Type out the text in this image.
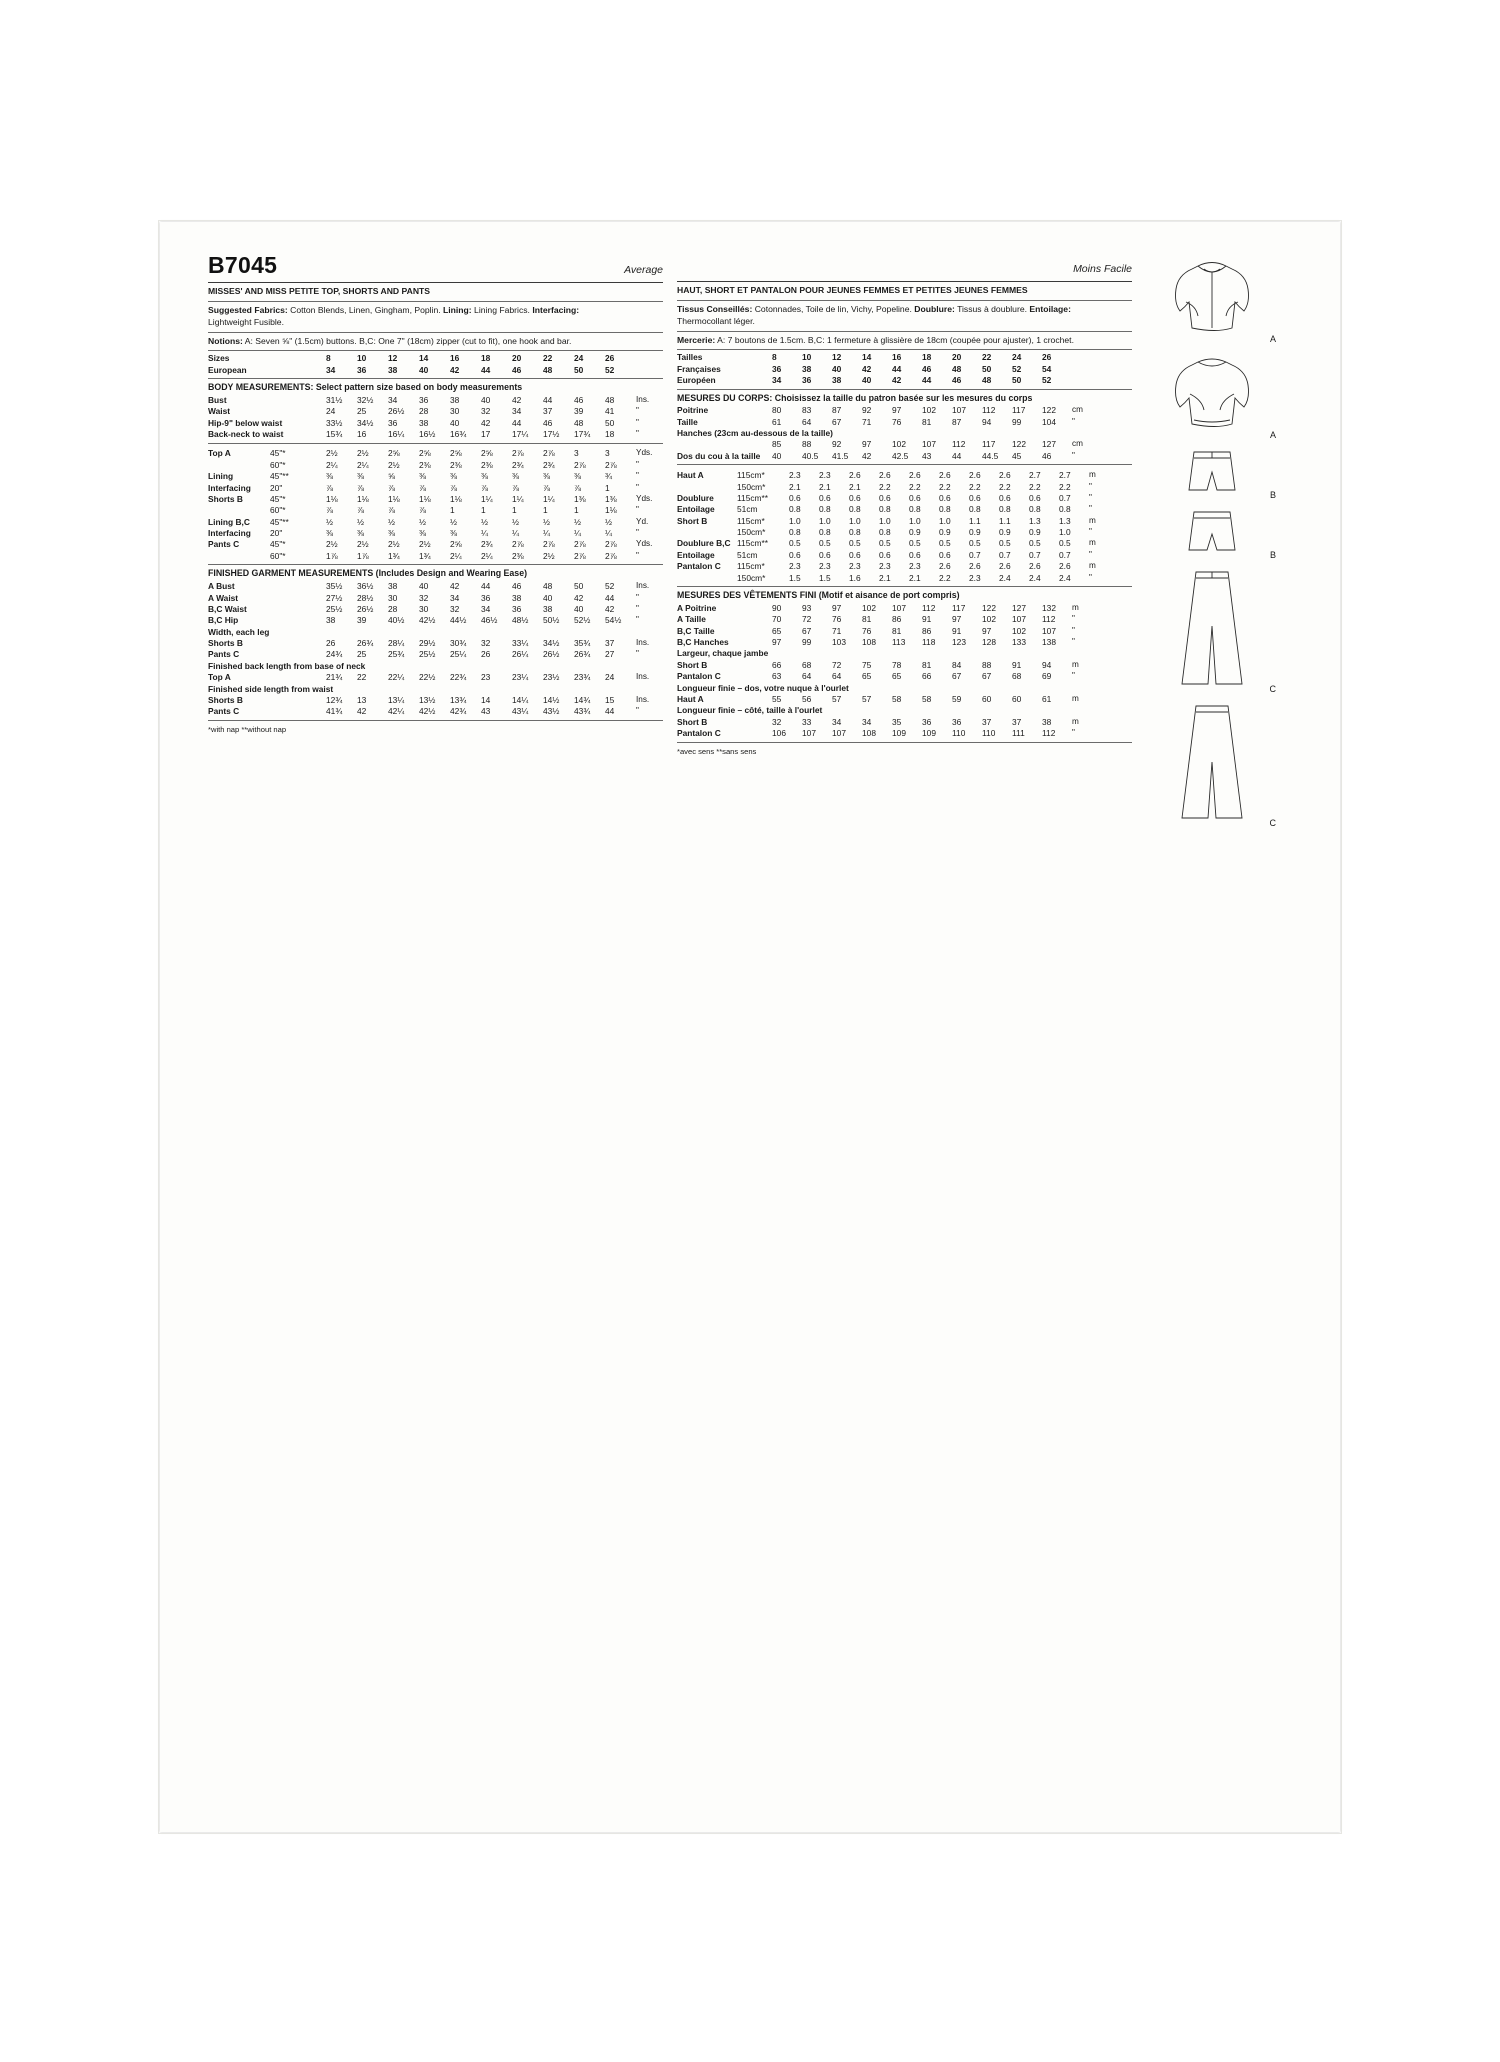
B7045	Average
MISSES' AND MISS PETITE TOP, SHORTS AND PANTS
Suggested Fabrics: Cotton Blends, Linen, Gingham, Poplin. Lining: Lining Fabrics. Interfacing:
Lightweight Fusible.
Notions: A: Seven ⅝" (1.5cm) buttons. B,C: One 7" (18cm) zipper (cut to fit), one hook and bar.
Sizes	8	10	12	14	16	18	20	22	24	26	
European	34	36	38	40	42	44	46	48	50	52	
BODY MEASUREMENTS: Select pattern size based on body measurements
Bust	31½	32½	34	36	38	40	42	44	46	48	Ins.
Waist	24	25	26½	28	30	32	34	37	39	41	"
Hip-9" below waist	33½	34½	36	38	40	42	44	46	48	50	"
Back-neck to waist	15¾	16	16¼	16½	16¾	17	17¼	17½	17¾	18	"
Top A	45"*	2½	2½	2⅝	2⅝	2⅝	2⅝	2⅞	2⅞	3	3	Yds.
	60"*	2¼	2¼	2½	2⅜	2⅜	2⅜	2¾	2¾	2⅞	2⅞	"
Lining	45"**	⅜	⅜	⅝	⅜	⅜	⅜	⅜	⅜	⅜	¾	"
Interfacing	20"	⅞	⅞	⅞	⅞	⅞	⅞	⅞	⅞	⅞	1	"
Shorts B	45"*	1⅛	1⅛	1⅛	1⅛	1⅛	1¼	1¼	1¼	1⅜	1⅜	Yds.
	60"*	⅞	⅞	⅞	⅞	1	1	1	1	1	1⅛	"
Lining B,C	45"**	½	½	½	½	½	½	½	½	½	½	Yd.
Interfacing	20"	⅜	⅜	⅜	⅜	⅜	¼	¼	¼	¼	¼	"
Pants C	45"*	2½	2½	2½	2½	2⅝	2¾	2⅞	2⅞	2⅞	2⅞	Yds.
	60"*	1⅞	1⅞	1¾	1¾	2¼	2¼	2⅜	2½	2⅞	2⅞	"
FINISHED GARMENT MEASUREMENTS (Includes Design and Wearing Ease)
A Bust	35½	36½	38	40	42	44	46	48	50	52	Ins.
A Waist	27½	28½	30	32	34	36	38	40	42	44	"
B,C Waist	25½	26½	28	30	32	34	36	38	40	42	"
B,C Hip	38	39	40½	42½	44½	46½	48½	50½	52½	54½	"
Width, each leg											
Shorts B	26	26¾	28¼	29½	30¾	32	33¼	34½	35¾	37	Ins.
Pants C	24¾	25	25¾	25½	25¼	26	26¼	26½	26¾	27	"
Finished back length from base of neck											
Top A	21¾	22	22¼	22½	22¾	23	23¼	23½	23¾	24	Ins.
Finished side length from waist											
Shorts B	12¾	13	13¼	13½	13¾	14	14¼	14½	14¾	15	Ins.
Pants C	41¾	42	42¼	42½	42¾	43	43¼	43½	43¾	44	"
*with nap **without nap
Moins Facile
HAUT, SHORT ET PANTALON POUR JEUNES FEMMES ET PETITES JEUNES FEMMES
Tissus Conseillés: Cotonnades, Toile de lin, Vichy, Popeline. Doublure: Tissus à doublure. Entoilage:
Thermocollant léger.
Mercerie: A: 7 boutons de 1.5cm. B,C: 1 fermeture à glissière de 18cm (coupée pour ajuster), 1 crochet.
Tailles	8	10	12	14	16	18	20	22	24	26	
Françaises	36	38	40	42	44	46	48	50	52	54	
Européen	34	36	38	40	42	44	46	48	50	52	
MESURES DU CORPS: Choisissez la taille du patron basée sur les mesures du corps
Poitrine	80	83	87	92	97	102	107	112	117	122	cm
Taille	61	64	67	71	76	81	87	94	99	104	"
Hanches (23cm au-dessous de la taille)											
	85	88	92	97	102	107	112	117	122	127	cm
Dos du cou à la taille	40	40.5	41.5	42	42.5	43	44	44.5	45	46	"
Haut A	115cm*	2.3	2.3	2.6	2.6	2.6	2.6	2.6	2.6	2.7	2.7	m
	150cm*	2.1	2.1	2.1	2.2	2.2	2.2	2.2	2.2	2.2	2.2	"
Doublure	115cm**	0.6	0.6	0.6	0.6	0.6	0.6	0.6	0.6	0.6	0.7	"
Entoilage	51cm	0.8	0.8	0.8	0.8	0.8	0.8	0.8	0.8	0.8	0.8	"
Short B	115cm*	1.0	1.0	1.0	1.0	1.0	1.0	1.1	1.1	1.3	1.3	m
	150cm*	0.8	0.8	0.8	0.8	0.9	0.9	0.9	0.9	0.9	1.0	"
Doublure B,C	115cm**	0.5	0.5	0.5	0.5	0.5	0.5	0.5	0.5	0.5	0.5	m
Entoilage	51cm	0.6	0.6	0.6	0.6	0.6	0.6	0.7	0.7	0.7	0.7	"
Pantalon C	115cm*	2.3	2.3	2.3	2.3	2.3	2.6	2.6	2.6	2.6	2.6	m
	150cm*	1.5	1.5	1.6	2.1	2.1	2.2	2.3	2.4	2.4	2.4	"
MESURES DES VÊTEMENTS FINI (Motif et aisance de port compris)
A Poitrine	90	93	97	102	107	112	117	122	127	132	m
A Taille	70	72	76	81	86	91	97	102	107	112	"
B,C Taille	65	67	71	76	81	86	91	97	102	107	"
B,C Hanches	97	99	103	108	113	118	123	128	133	138	"
Largeur, chaque jambe											
Short B	66	68	72	75	78	81	84	88	91	94	m
Pantalon C	63	64	64	65	65	66	67	67	68	69	"
Longueur finie – dos, votre nuque à l'ourlet											
Haut A	55	56	57	57	58	58	59	60	60	61	m
Longueur finie – côté, taille à l'ourlet											
Short B	32	33	34	34	35	36	36	37	37	38	m
Pantalon C	106	107	107	108	109	109	110	110	111	112	"
*avec sens **sans sens
A
A
B
B
C
C
